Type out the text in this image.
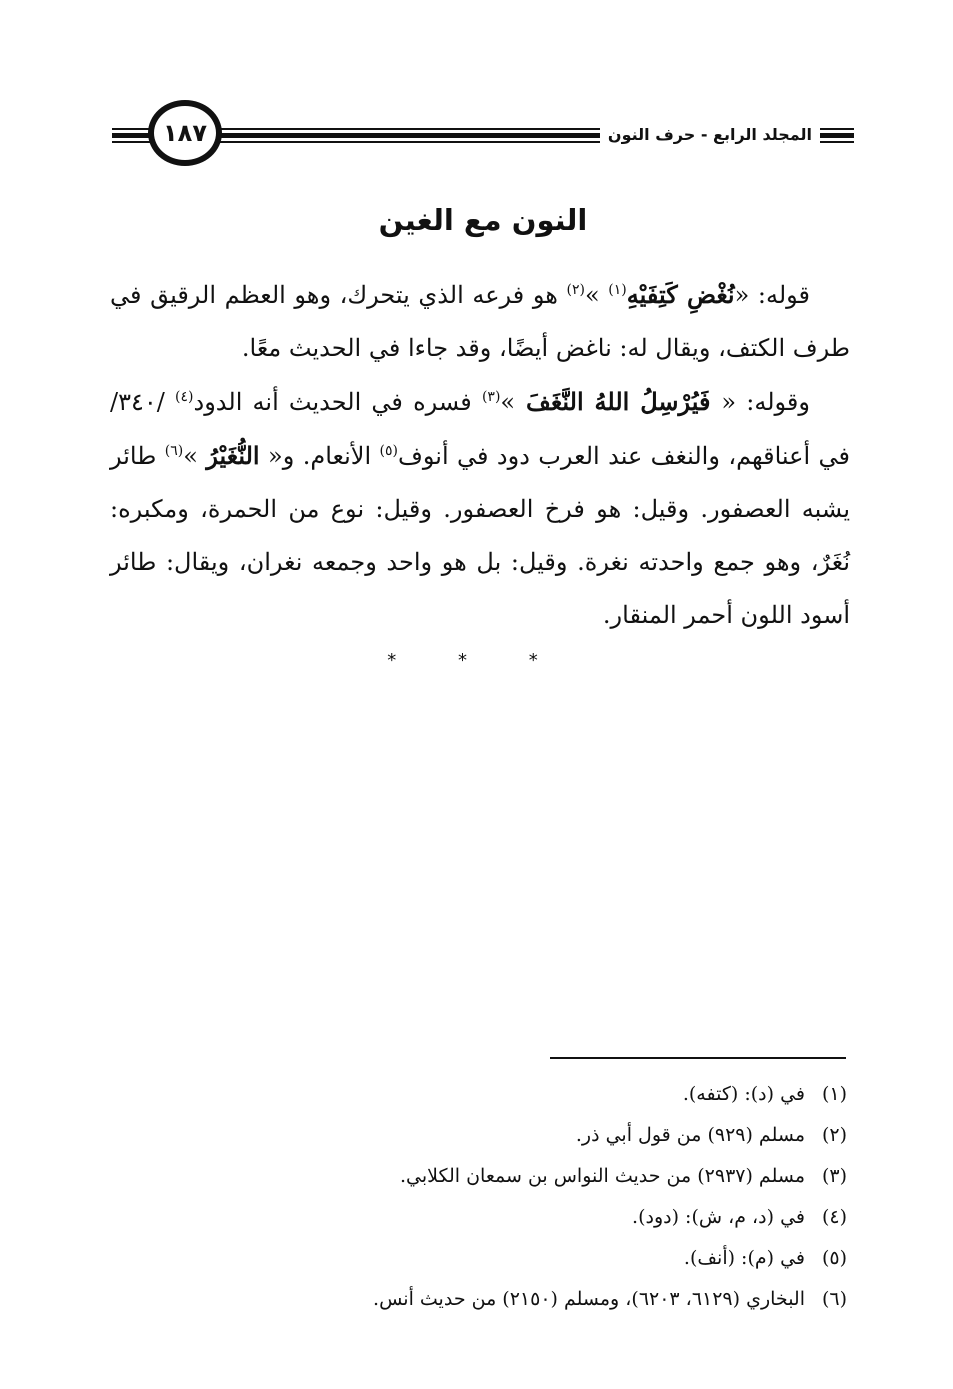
١٨٧	المجلد الرابع - حرف النون
النون مع الغين

قوله: «نُغْضِ كَتِفَيْهِ$^{(١)}$ »$^{(٢)}$ هو فرعه الذي يتحرك، وهو العظم الرقيق في طرف الكتف، ويقال له: ناغض أيضًا، وقد جاءا في الحديث معًا.

وقوله: « فَيُرْسِلُ اللهُ النَّغَفَ »$^{(٣)}$ فسره في الحديث أنه الدود$^{(٤)}$ /٣٤٠/ في أعناقهم، والنغف عند العرب دود في أنوف$^{(٥)}$ الأنعام. و« النُّغَيْرُ »$^{(٦)}$ طائر يشبه العصفور. وقيل: هو فرخ العصفور. وقيل: نوع من الحمرة، ومكبره: نُغَرٌ، وهو جمع واحدته نغرة. وقيل: بل هو واحد وجمعه نغران، ويقال: طائر أسود اللون أحمر المنقار.

* * *
(١)
في (د): (كتفه).
(٢)
مسلم (٩٢٩) من قول أبي ذر.
(٣)
مسلم (٢٩٣٧) من حديث النواس بن سمعان الكلابي.
(٤)
في (د، م، ش): (دود).
(٥)
في (م): (أنف).
(٦)
البخاري (٦١٢٩، ٦٢٠٣)، ومسلم (٢١٥٠) من حديث أنس.
